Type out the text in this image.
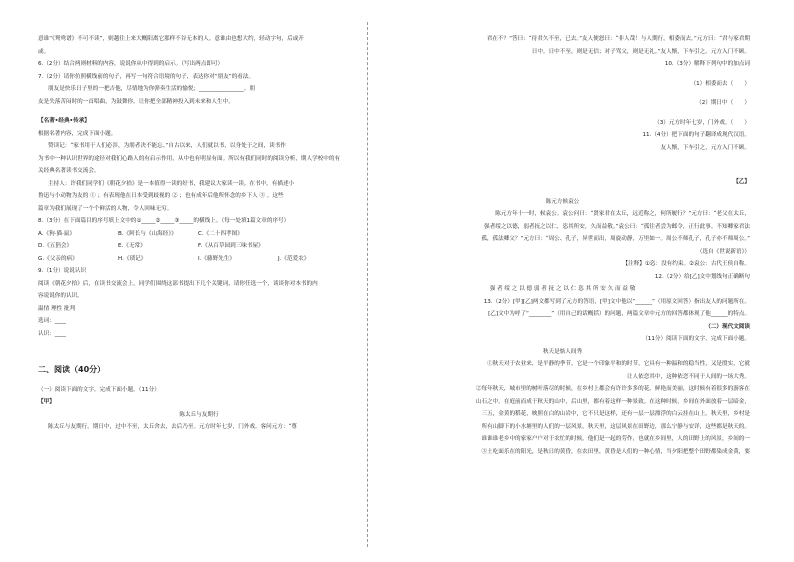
意谁“《鸳鸯谱》不可不读”，则越往上来大概阳离它那样不谷无本的人。意谁由也想大约，轻动字句，后或开

或。

6.（2分）结合两则材料的内容，说说你从中得到的启示。（写出两点即可）

7.（2分）请你仿照横线前的句子，再写一句符合语境的句子，表达你对“朋友”的看法。

朋友是快乐日子里的一把吉他，尽情地为你弹奏生活的愉悦；________________。朋

友是失落苦闷时的一首唱曲，为鼓舞你，让你把全部精神投入到未来和人生中。

【名著•经典•传承】

根据名著内容，完成下面小题。

赞读记：“家书用于人们必涉，为朋者决不能忘。”自古以来，人们就以书，以身处于之间，读书作

为书中一种认识世界的途径对我们心路人的有启示作用，从中也有明显有面。所以有我们同时的阅读分析，期人学校中的有

关经典名著读书交流会。

主持人：许我们同学们《朝花夕拾》是一本值得一读的好书，我建议大家读一读。在书中，有描述小

鲁迅与小动物为友的 ① ；有表现他在日本受到歧视的 ② ；也有成年后他所怀念的乡下人 ③ 。这些

篇章为我们展现了一个个鲜活的人物，令人回味无穷。

8.（3分）在下面篇目的序号填上文中的①_____②_____③_____的横线上。（每一处填1篇文章的序号）

A.《狗·猫·鼠》	B.《阿长与《山海经》》	C.《二十四孝图》
D.《五猖会》	E.《无常》	F.《从百草园到三味书屋》
G.《父亲的病》	H.《琐记》	I.《藤野先生》	J.《范爱农》

9.（1分）说说认识

阅读《朝花夕拾》后，在读书交流会上，同学们围绕这部书提出下几个关键词，请你任选一个，谈谈你对本书的内

容说说你的认识。

温情 理性 批判

选词：____

认识：____

二、阅读（40分）

（一）阅读下面的文字，完成下面小题。（11分）

【甲】

陈太丘与友期行

陈太丘与友期行，期日中，过中不至，太丘舍去，去后乃至。元方时年七岁，门外戏。客问元方：“尊

君在不？”答曰：“待君久不至，已去。”友人便怒曰：“非人哉！与人期行，相委而去。”元方曰：“君与家君期

日中。日中不至，则是无信；对子骂父，则是无礼。”友人惭，下车引之。元方入门不顾。

10.（3分）解释下列句中的加点词

（1）相委而去（　　）

（2）期日中（　　）

（3）元方时年七岁，门外戏。（　　）

11.（4分）把下面的句子翻译成现代汉语。

友人惭，下车引之，元方入门不顾。

【乙】

陈元方候袁公

陈元方年十一时，候袁公。袁公问曰：“贤家君在太丘，远近称之，何所履行？”元方曰：“老父在太丘，

强者绥之以德，弱者抚之以仁，恣其所安，久而益敬。”袁公曰：“孤往者尝为邺令，正行此事。不知卿家君法

孤，孤法卿父？”元方曰：“周公、孔子，异世而出，周旋动静，万里如一。周公不师孔子，孔子亦不师周公。”

（选自《世说新语》）

【注释】①恣：没有约束。②袁公：古代王侯自称。

12.（2分）给[乙]文中划线句正确断句

强 者 绥 之 以 德 弱 者 抚 之 以 仁 恣 其 所 安 久 而 益 敬

13.（2分）[甲][乙]两文都写到了元方的答语，[甲]文中他以“______”（用原文回答）指出友人的问题所在。

[乙]文中为呼了“________”（用自己的话概括）的问题，两篇文章中元方的回答都体现了他______的特点。

（二）现代文阅读

（11分）阅读下面的文字，完成下面小题。

秋天是惦人间秀

①秋天对于农业来，是平静的季节。它是一个印象平和的时节，它具有一种温和的稳当性，又是殷实，它就

让人依恋其中，这种依恋不同于人间的一场大秀。

②每年秋天，城市里的树叶落尽的时候，在乡村上都会有许许多多的花，鲜艳而美丽，这时候有着很多的游客在

山石之中。在庭前而成于秋天的山中，后山里，都有着这样一种景致。在这种时候，乡间在外面放着一层暗金，

三五，金黄的稻花，映照在白的山岩中，它不只是这样，还有一层一层漂浮的白云挂在山上。秋天里，乡村是

所有山脚下的小水塘里的人们的一层风景，秋天里，这层风景在田野边，那么宁静与安详，这些都是秋天的。

谁谁谁老乡中的家家户户对于农忙的时候，他们是一起的劳作，也就在乡间里，人的田野上的风景，乡间的一

③土吃面乐在的阳光，是秋日的黄昏，在农田里，黄昏是人们的一种心情，当夕阳把整个田野都染成金黄，要
